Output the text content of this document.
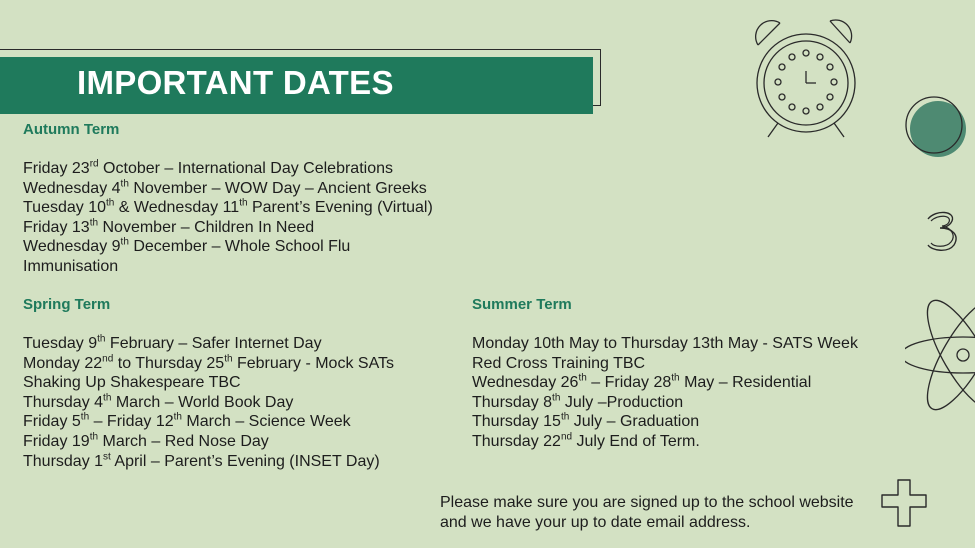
IMPORTANT DATES
Autumn Term
Friday 23rd October – International Day Celebrations
Wednesday 4th November – WOW Day – Ancient Greeks
Tuesday 10th & Wednesday 11th Parent’s Evening (Virtual)
Friday 13th November – Children In Need
Wednesday 9th December – Whole School Flu
Immunisation
Spring Term
Tuesday 9th February – Safer Internet Day
Monday 22nd to Thursday 25th February - Mock SATs
Shaking Up Shakespeare TBC
Thursday 4th March – World Book Day
Friday 5th – Friday 12th March – Science Week
Friday 19th March – Red Nose Day
Thursday 1st April – Parent’s Evening (INSET Day)
Summer Term
Monday 10th May to Thursday 13th May - SATS Week
Red Cross Training TBC
Wednesday 26th – Friday 28th May – Residential
Thursday 8th July –Production
Thursday 15th July – Graduation
Thursday 22nd July End of Term.

Please make sure you are signed up to the school website and we have your up to date email address.
